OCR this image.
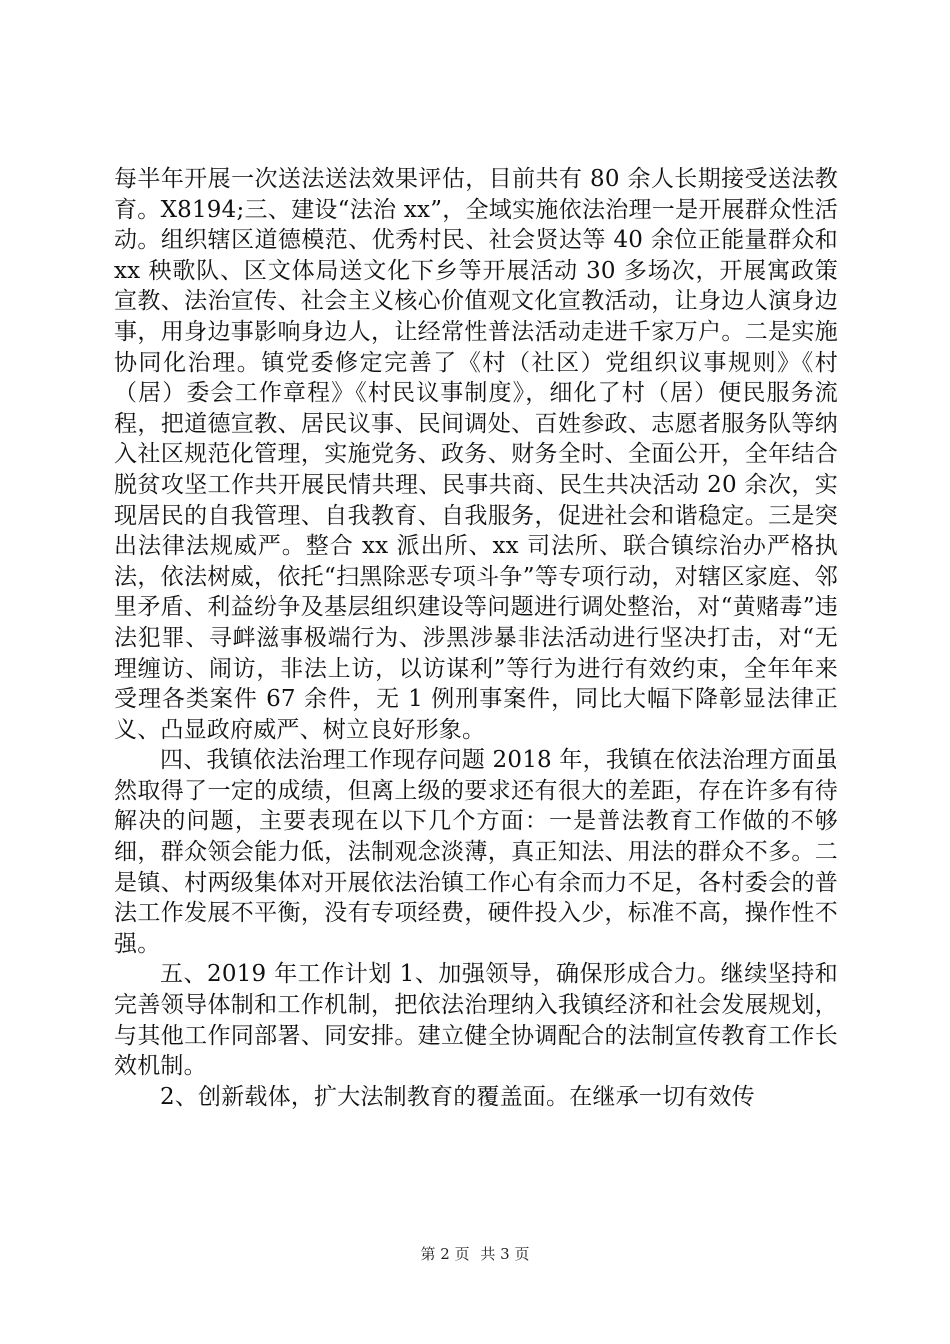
每半年开展一次送法送法效果评估，目前共有 80 余人长期接受送法教育。X8194;三、建设“法治 xx”，全域实施依法治理一是开展群众性活动。组织辖区道德模范、优秀村民、社会贤达等 40 余位正能量群众和 xx 秧歌队、区文体局送文化下乡等开展活动 30 多场次，开展寓政策宣教、法治宣传、社会主义核心价值观文化宣教活动，让身边人演身边事，用身边事影响身边人，让经常性普法活动走进千家万户。二是实施协同化治理。镇党委修定完善了《村（社区）党组织议事规则》《村（居）委会工作章程》《村民议事制度》，细化了村（居）便民服务流程，把道德宣教、居民议事、民间调处、百姓参政、志愿者服务队等纳入社区规范化管理，实施党务、政务、财务全时、全面公开，全年结合脱贫攻坚工作共开展民情共理、民事共商、民生共决活动 20 余次，实现居民的自我管理、自我教育、自我服务，促进社会和谐稳定。三是突出法律法规威严。整合 xx 派出所、xx 司法所、联合镇综治办严格执法，依法树威，依托“扫黑除恶专项斗争”等专项行动，对辖区家庭、邻里矛盾、利益纷争及基层组织建设等问题进行调处整治，对“黄赌毒”违法犯罪、寻衅滋事极端行为、涉黑涉暴非法活动进行坚决打击，对“无理缠访、闹访，非法上访，以访谋利”等行为进行有效约束，全年年来受理各类案件 67 余件，无 1 例刑事案件，同比大幅下降彰显法律正义、凸显政府威严、树立良好形象。

四、我镇依法治理工作现存问题 2018 年，我镇在依法治理方面虽然取得了一定的成绩，但离上级的要求还有很大的差距，存在许多有待解决的问题，主要表现在以下几个方面：一是普法教育工作做的不够细，群众领会能力低，法制观念淡薄，真正知法、用法的群众不多。二是镇、村两级集体对开展依法治镇工作心有余而力不足，各村委会的普法工作发展不平衡，没有专项经费，硬件投入少，标准不高，操作性不强。

五、2019 年工作计划 1、加强领导，确保形成合力。继续坚持和完善领导体制和工作机制，把依法治理纳入我镇经济和社会发展规划，与其他工作同部署、同安排。建立健全协调配合的法制宣传教育工作长效机制。

2、创新载体，扩大法制教育的覆盖面。在继承一切有效传

第 2 页 共 3 页
